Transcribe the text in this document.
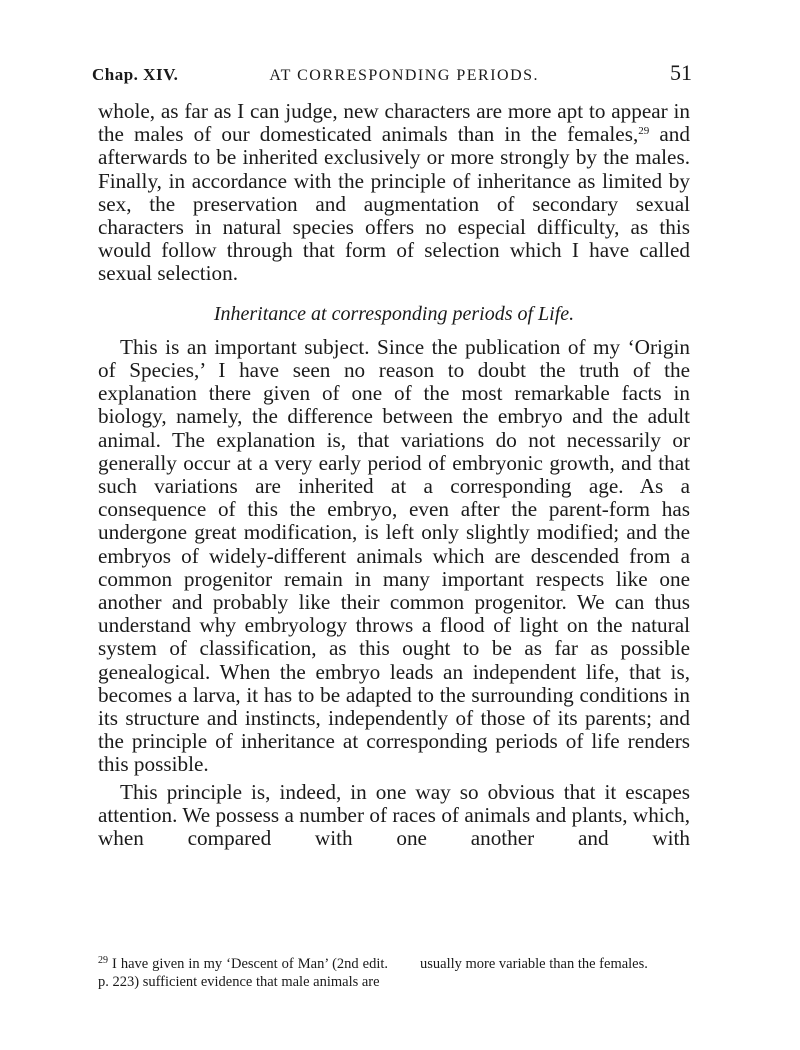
Chap. XIV.	AT CORRESPONDING PERIODS.	51

whole, as far as I can judge, new characters are more apt to appear in the males of our domesticated animals than in the females,$^{29}$ and afterwards to be inherited exclusively or more strongly by the males. Finally, in accordance with the principle of inheritance as limited by sex, the preservation and augmentation of secondary sexual characters in natural species offers no especial difficulty, as this would follow through that form of selection which I have called sexual selection.

Inheritance at corresponding periods of Life.

This is an important subject. Since the publication of my ‘Origin of Species,’ I have seen no reason to doubt the truth of the explanation there given of one of the most remarkable facts in biology, namely, the difference between the embryo and the adult animal. The explanation is, that variations do not necessarily or generally occur at a very early period of embryonic growth, and that such variations are inherited at a corresponding age. As a consequence of this the embryo, even after the parent-form has undergone great modification, is left only slightly modified; and the embryos of widely-different animals which are descended from a common progenitor remain in many important respects like one another and probably like their common progenitor. We can thus understand why embryology throws a flood of light on the natural system of classification, as this ought to be as far as possible genealogical. When the embryo leads an independent life, that is, becomes a larva, it has to be adapted to the surrounding conditions in its structure and instincts, independently of those of its parents; and the principle of inheritance at corresponding periods of life renders this possible.

This principle is, indeed, in one way so obvious that it escapes attention. We possess a number of races of animals and plants, which, when compared with one another and with

$^{29}$ I have given in my ‘Descent of Man’ (2nd edit. p. 223) sufficient evidence that male animals are
usually more variable than the females.
